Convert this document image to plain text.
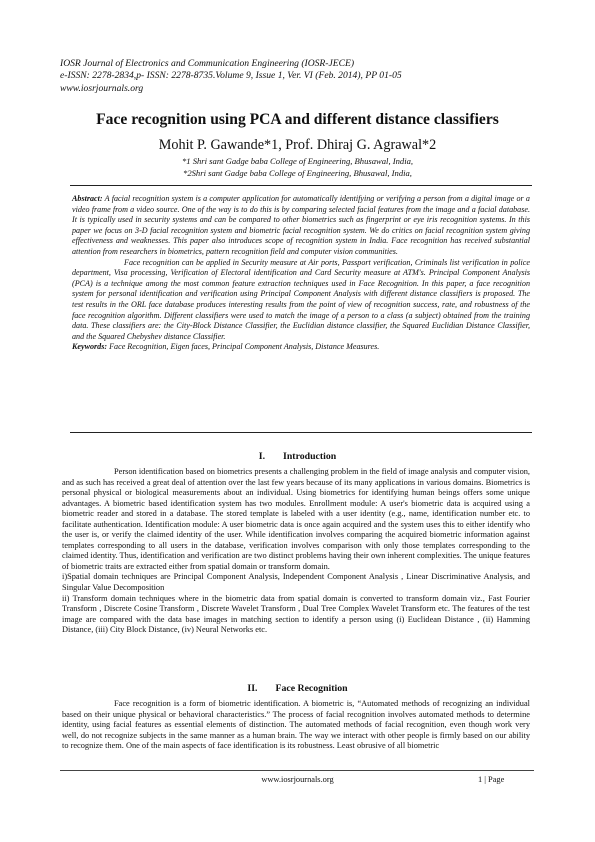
IOSR Journal of Electronics and Communication Engineering (IOSR-JECE)
e-ISSN: 2278-2834,p- ISSN: 2278-8735.Volume 9, Issue 1, Ver. VI (Feb. 2014), PP 01-05
www.iosrjournals.org
Face recognition using PCA and different distance classifiers
Mohit P. Gawande*1, Prof. Dhiraj G. Agrawal*2
*1 Shri sant Gadge baba College of Engineering, Bhusawal, India,
*2Shri sant Gadge baba College of Engineering, Bhusawal, India,

Abstract: A facial recognition system is a computer application for automatically identifying or verifying a person from a digital image or a video frame from a video source. One of the way is to do this is by comparing selected facial features from the image and a facial database. It is typically used in security systems and can be compared to other biometrics such as fingerprint or eye iris recognition systems. In this paper we focus on 3-D facial recognition system and biometric facial recognition system. We do critics on facial recognition system giving effectiveness and weaknesses. This paper also introduces scope of recognition system in India. Face recognition has received substantial attention from researchers in biometrics, pattern recognition field and computer vision communities.

Face recognition can be applied in Security measure at Air ports, Passport verification, Criminals list verification in police department, Visa processing, Verification of Electoral identification and Card Security measure at ATM's. Principal Component Analysis (PCA) is a technique among the most common feature extraction techniques used in Face Recognition. In this paper, a face recognition system for personal identification and verification using Principal Component Analysis with different distance classifiers is proposed. The test results in the ORL face database produces interesting results from the point of view of recognition success, rate, and robustness of the face recognition algorithm. Different classifiers were used to match the image of a person to a class (a subject) obtained from the training data. These classifiers are: the City-Block Distance Classifier, the Euclidian distance classifier, the Squared Euclidian Distance Classifier, and the Squared Chebyshev distance Classifier.

Keywords: Face Recognition, Eigen faces, Principal Component Analysis, Distance Measures.

I. Introduction

Person identification based on biometrics presents a challenging problem in the field of image analysis and computer vision, and as such has received a great deal of attention over the last few years because of its many applications in various domains. Biometrics is personal physical or biological measurements about an individual. Using biometrics for identifying human beings offers some unique advantages. A biometric based identification system has two modules. Enrollment module: A user's biometric data is acquired using a biometric reader and stored in a database. The stored template is labeled with a user identity (e.g., name, identification number etc. to facilitate authentication. Identification module: A user biometric data is once again acquired and the system uses this to either identify who the user is, or verify the claimed identity of the user. While identification involves comparing the acquired biometric information against templates corresponding to all users in the database, verification involves comparison with only those templates corresponding to the claimed identity. Thus, identification and verification are two distinct problems having their own inherent complexities. The unique features of biometric traits are extracted either from spatial domain or transform domain.

i)Spatial domain techniques are Principal Component Analysis, Independent Component Analysis , Linear Discriminative Analysis, and Singular Value Decomposition

ii) Transform domain techniques where in the biometric data from spatial domain is converted to transform domain viz., Fast Fourier Transform , Discrete Cosine Transform , Discrete Wavelet Transform , Dual Tree Complex Wavelet Transform etc. The features of the test image are compared with the data base images in matching section to identify a person using (i) Euclidean Distance , (ii) Hamming Distance, (iii) City Block Distance, (iv) Neural Networks etc.

II. Face Recognition

Face recognition is a form of biometric identification. A biometric is, “Automated methods of recognizing an individual based on their unique physical or behavioral characteristics.” The process of facial recognition involves automated methods to determine identity, using facial features as essential elements of distinction. The automated methods of facial recognition, even though work very well, do not recognize subjects in the same manner as a human brain. The way we interact with other people is firmly based on our ability to recognize them. One of the main aspects of face identification is its robustness. Least obrusive of all biometric

www.iosrjournals.org	1 | Page
